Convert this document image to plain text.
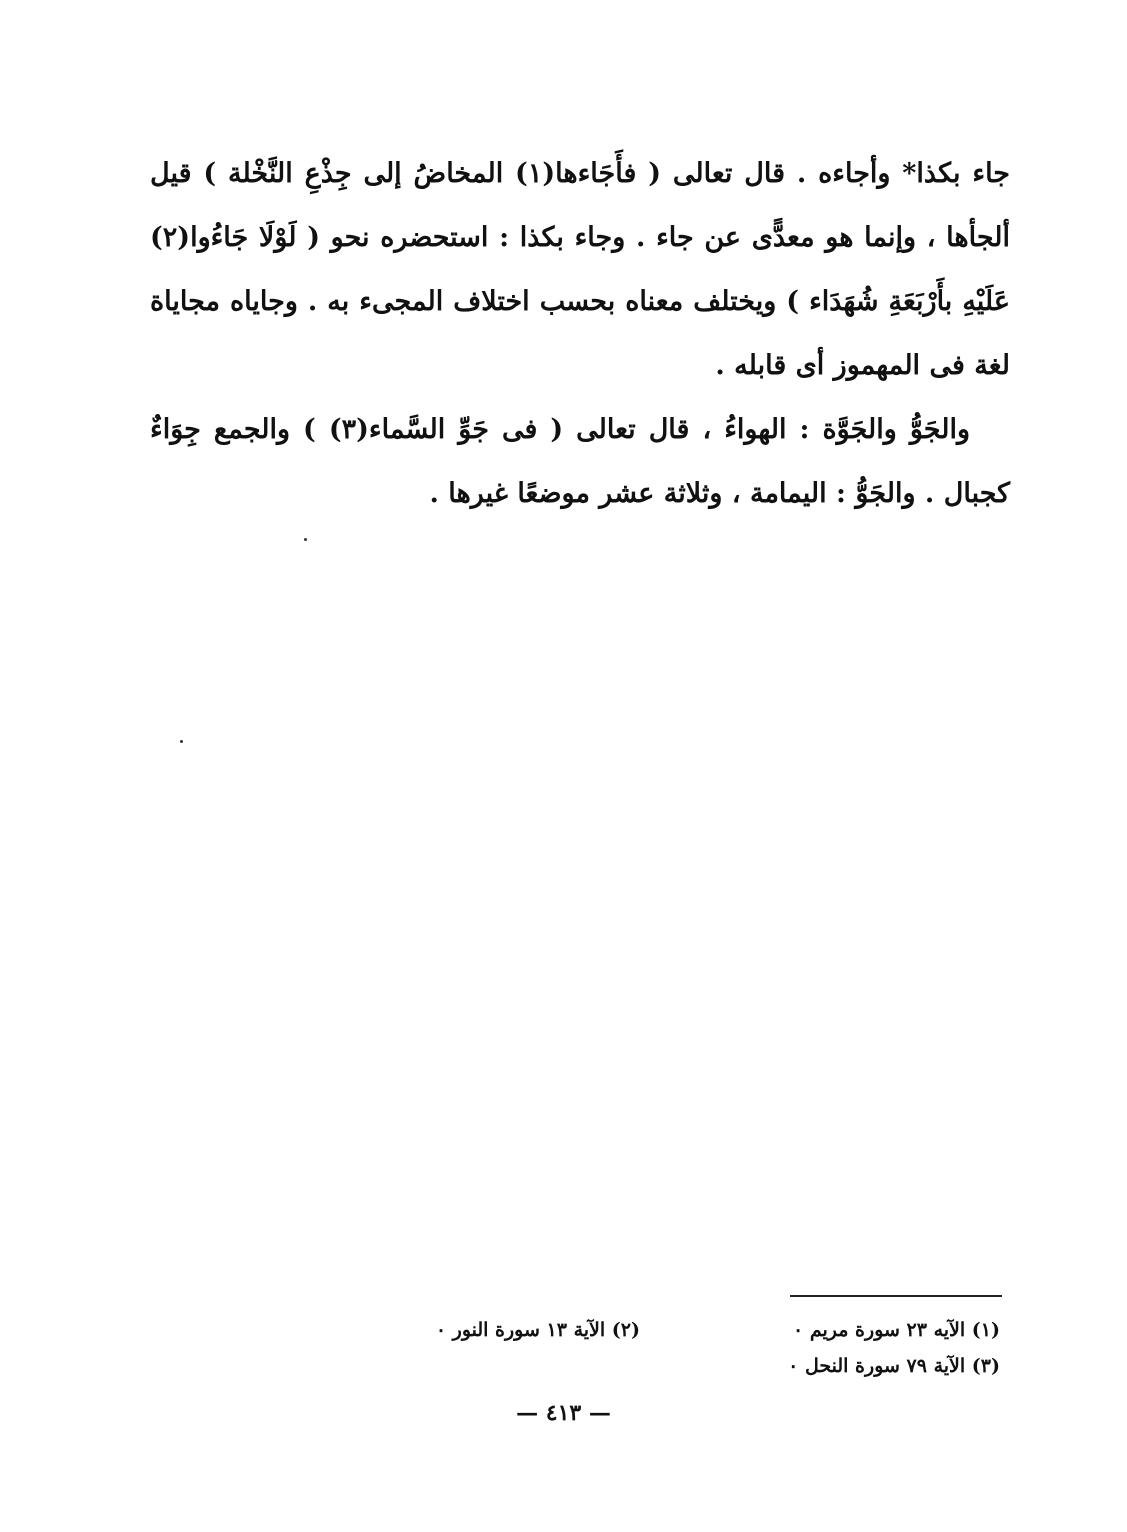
جاء بكذا* وأجاءه . قال تعالى ( فأَجَاءها(١) المخاضُ إلى جِذْعِ النَّخْلة ) قيل ألجأها ، وإنما هو معدًّى عن جاء . وجاء بكذا : استحضره نحو ( لَوْلَا جَاءُوا(٢) عَلَيْهِ بأَرْبَعَةِ شُهَدَاء ) ويختلف معناه بحسب اختلاف المجىء به . وجاياه مجاياة لغة فى المهموز أى قابله .

والجَوُّ والجَوَّة : الهواءُ ، قال تعالى ( فى جَوِّ السَّماء(٣) ) والجمع جِوَاءٌ كجبال . والجَوُّ : اليمامة ، وثلاثة عشر موضعًا غيرها .

(١) الآيه ٢٣ سورة مريم ٠
(٢) الآية ١٣ سورة النور ٠
(٣) الآية ٧٩ سورة النحل ٠
— ٤١٣ —
